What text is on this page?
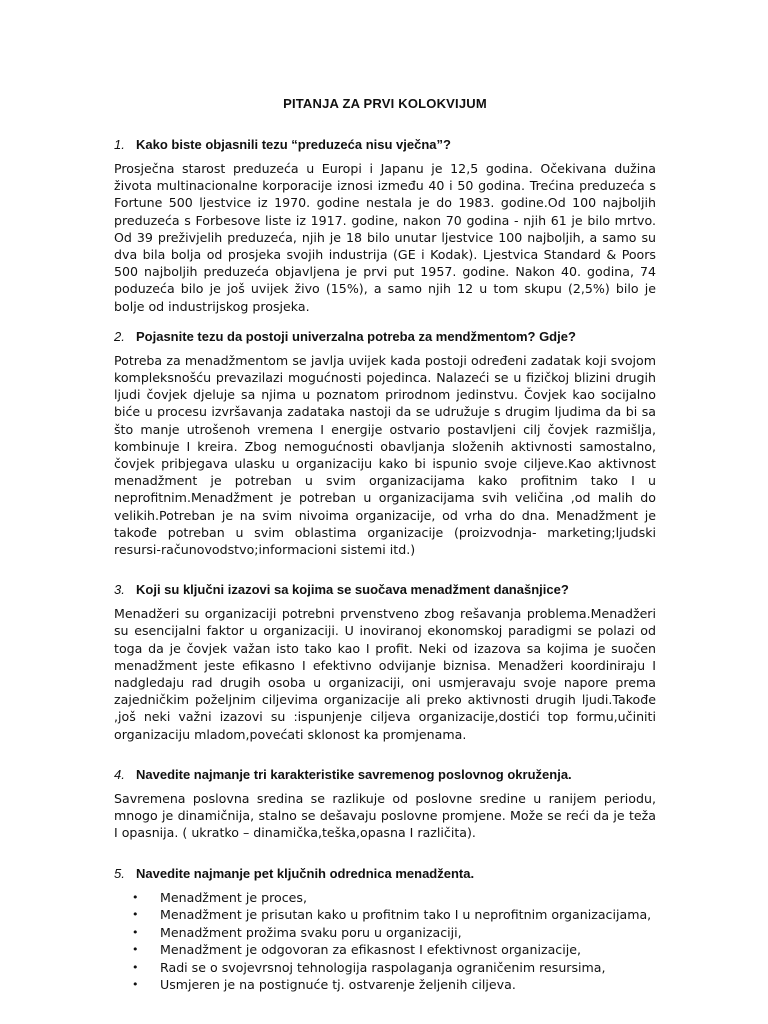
PITANJA ZA PRVI KOLOKVIJUM
1. Kako biste objasnili tezu “preduzeća nisu vječna”?

Prosječna starost preduzeća u Europi i Japanu je 12,5 godina. Očekivana dužina života multinacionalne korporacije iznosi između 40 i 50 godina. Trećina preduzeća s Fortune 500 ljestvice iz 1970. godine nestala je do 1983. godine.Od 100 najboljih preduzeća s Forbesove liste iz 1917. godine, nakon 70 godina - njih 61 je bilo mrtvo. Od 39 preživjelih preduzeća, njih je 18 bilo unutar ljestvice 100 najboljih, a samo su dva bila bolja od prosjeka svojih industrija (GE i Kodak). Ljestvica Standard & Poors 500 najboljih preduzeća objavljena je prvi put 1957. godine. Nakon 40. godina, 74 poduzeća bilo je još uvijek živo (15%), a samo njih 12 u tom skupu (2,5%) bilo je bolje od industrijskog prosjeka.

2. Pojasnite tezu da postoji univerzalna potreba za mendžmentom? Gdje?

Potreba za menadžmentom se javlja uvijek kada postoji određeni zadatak koji svojom kompleksnošću prevazilazi mogućnosti pojedinca. Nalazeći se u fizičkoj blizini drugih ljudi čovjek djeluje sa njima u poznatom prirodnom jedinstvu. Čovjek kao socijalno biće u procesu izvršavanja zadataka nastoji da se udružuje s drugim ljudima da bi sa što manje utrošenoh vremena I energije ostvario postavljeni cilj čovjek razmišlja, kombinuje I kreira. Zbog nemogućnosti obavljanja složenih aktivnosti samostalno, čovjek pribjegava ulasku u organizaciju kako bi ispunio svoje ciljeve.Kao aktivnost menadžment je potreban u svim organizacijama kako profitnim tako I u neprofitnim.Menadžment je potreban u organizacijama svih veličina ,od malih do velikih.Potreban je na svim nivoima organizacije, od vrha do dna. Menadžment je takođe potreban u svim oblastima organizacije (proizvodnja- marketing;ljudski resursi-računovodstvo;informacioni sistemi itd.)

3. Koji su ključni izazovi sa kojima se suočava menadžment današnjice?

Menadžeri su organizaciji potrebni prvenstveno zbog rešavanja problema.Menadžeri su esencijalni faktor u organizaciji. U inoviranoj ekonomskoj paradigmi se polazi od toga da je čovjek važan isto tako kao I profit. Neki od izazova sa kojima je suočen menadžment jeste efikasno I efektivno odvijanje biznisa. Menadžeri koordiniraju I nadgledaju rad drugih osoba u organizaciji, oni usmjeravaju svoje napore prema zajedničkim poželjnim ciljevima organizacije ali preko aktivnosti drugih ljudi.Takođe ,još neki važni izazovi su :ispunjenje ciljeva organizacije,dostići top formu,učiniti organizaciju mladom,povećati sklonost ka promjenama.

4. Navedite najmanje tri karakteristike savremenog poslovnog okruženja.

Savremena poslovna sredina se razlikuje od poslovne sredine u ranijem periodu, mnogo je dinamičnija, stalno se dešavaju poslovne promjene. Može se reći da je teža I opasnija. ( ukratko – dinamička,teška,opasna I različita).

5. Navedite najmanje pet ključnih odrednica menadženta.
•	Menadžment je proces,
•	Menadžment je prisutan kako u profitnim tako I u neprofitnim organizacijama,
•	Menadžment prožima svaku poru u organizaciji,
•	Menadžment je odgovoran za efikasnost I efektivnost organizacije,
•	Radi se o svojevrsnoj tehnologija raspolaganja ograničenim resursima,
•	Usmjeren je na postignuće tj. ostvarenje željenih ciljeva.
